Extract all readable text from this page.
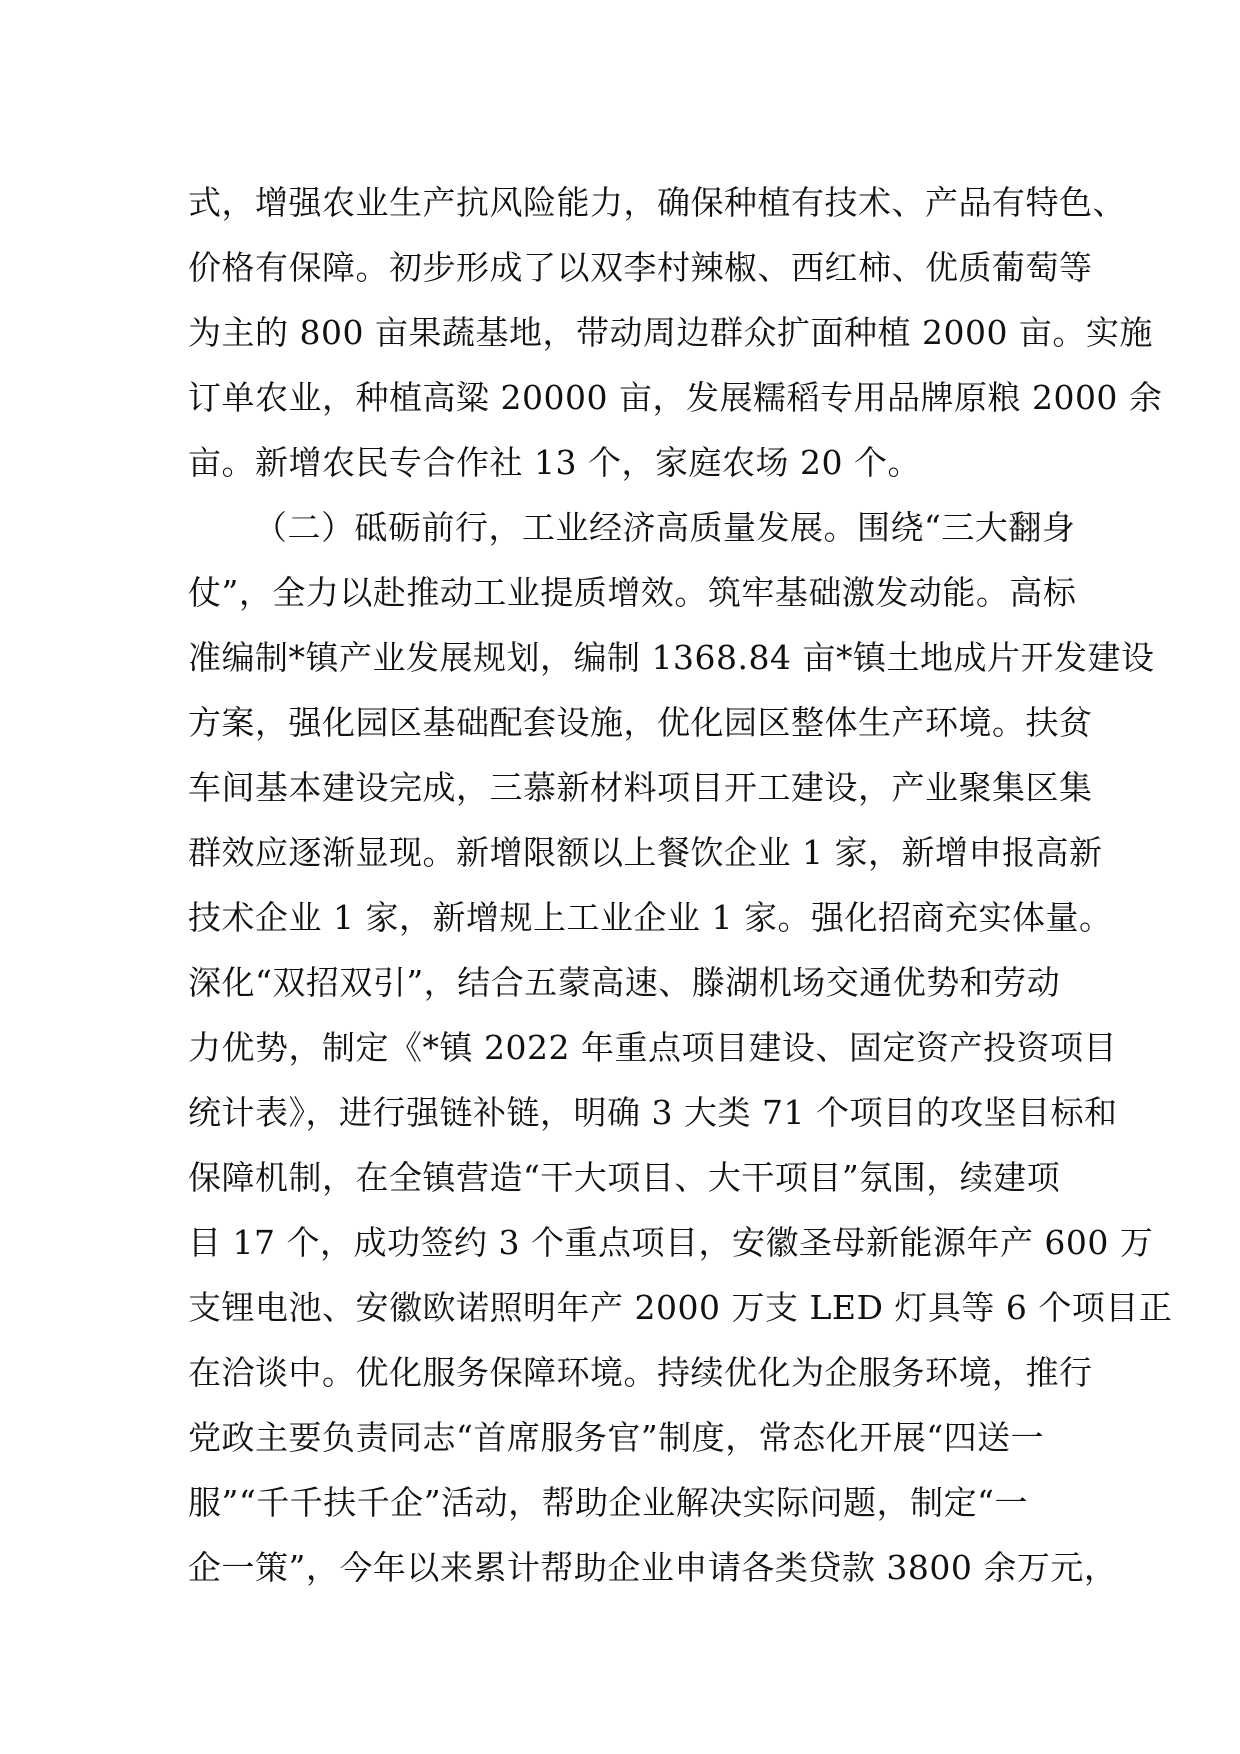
式，增强农业生产抗风险能力，确保种植有技术、产品有特色、
价格有保障。初步形成了以双李村辣椒、西红柿、优质葡萄等
为主的 800 亩果蔬基地，带动周边群众扩面种植 2000 亩。实施
订单农业，种植高粱 20000 亩，发展糯稻专用品牌原粮 2000 余
亩。新增农民专合作社 13 个，家庭农场 20 个。
（二）砥砺前行，工业经济高质量发展。围绕“三大翻身
仗”，全力以赴推动工业提质增效。筑牢基础激发动能。高标
准编制*镇产业发展规划，编制 1368.84 亩*镇土地成片开发建设
方案，强化园区基础配套设施，优化园区整体生产环境。扶贫
车间基本建设完成，三慕新材料项目开工建设，产业聚集区集
群效应逐渐显现。新增限额以上餐饮企业 1 家，新增申报高新
技术企业 1 家，新增规上工业企业 1 家。强化招商充实体量。
深化“双招双引”，结合五蒙高速、滕湖机场交通优势和劳动
力优势，制定《*镇 2022 年重点项目建设、固定资产投资项目
统计表》，进行强链补链，明确 3 大类 71 个项目的攻坚目标和
保障机制，在全镇营造“干大项目、大干项目”氛围，续建项
目 17 个，成功签约 3 个重点项目，安徽圣母新能源年产 600 万
支锂电池、安徽欧诺照明年产 2000 万支 LED 灯具等 6 个项目正
在洽谈中。优化服务保障环境。持续优化为企服务环境，推行
党政主要负责同志“首席服务官”制度，常态化开展“四送一
服”“千千扶千企”活动，帮助企业解决实际问题，制定“一
企一策”，今年以来累计帮助企业申请各类贷款 3800 余万元，
